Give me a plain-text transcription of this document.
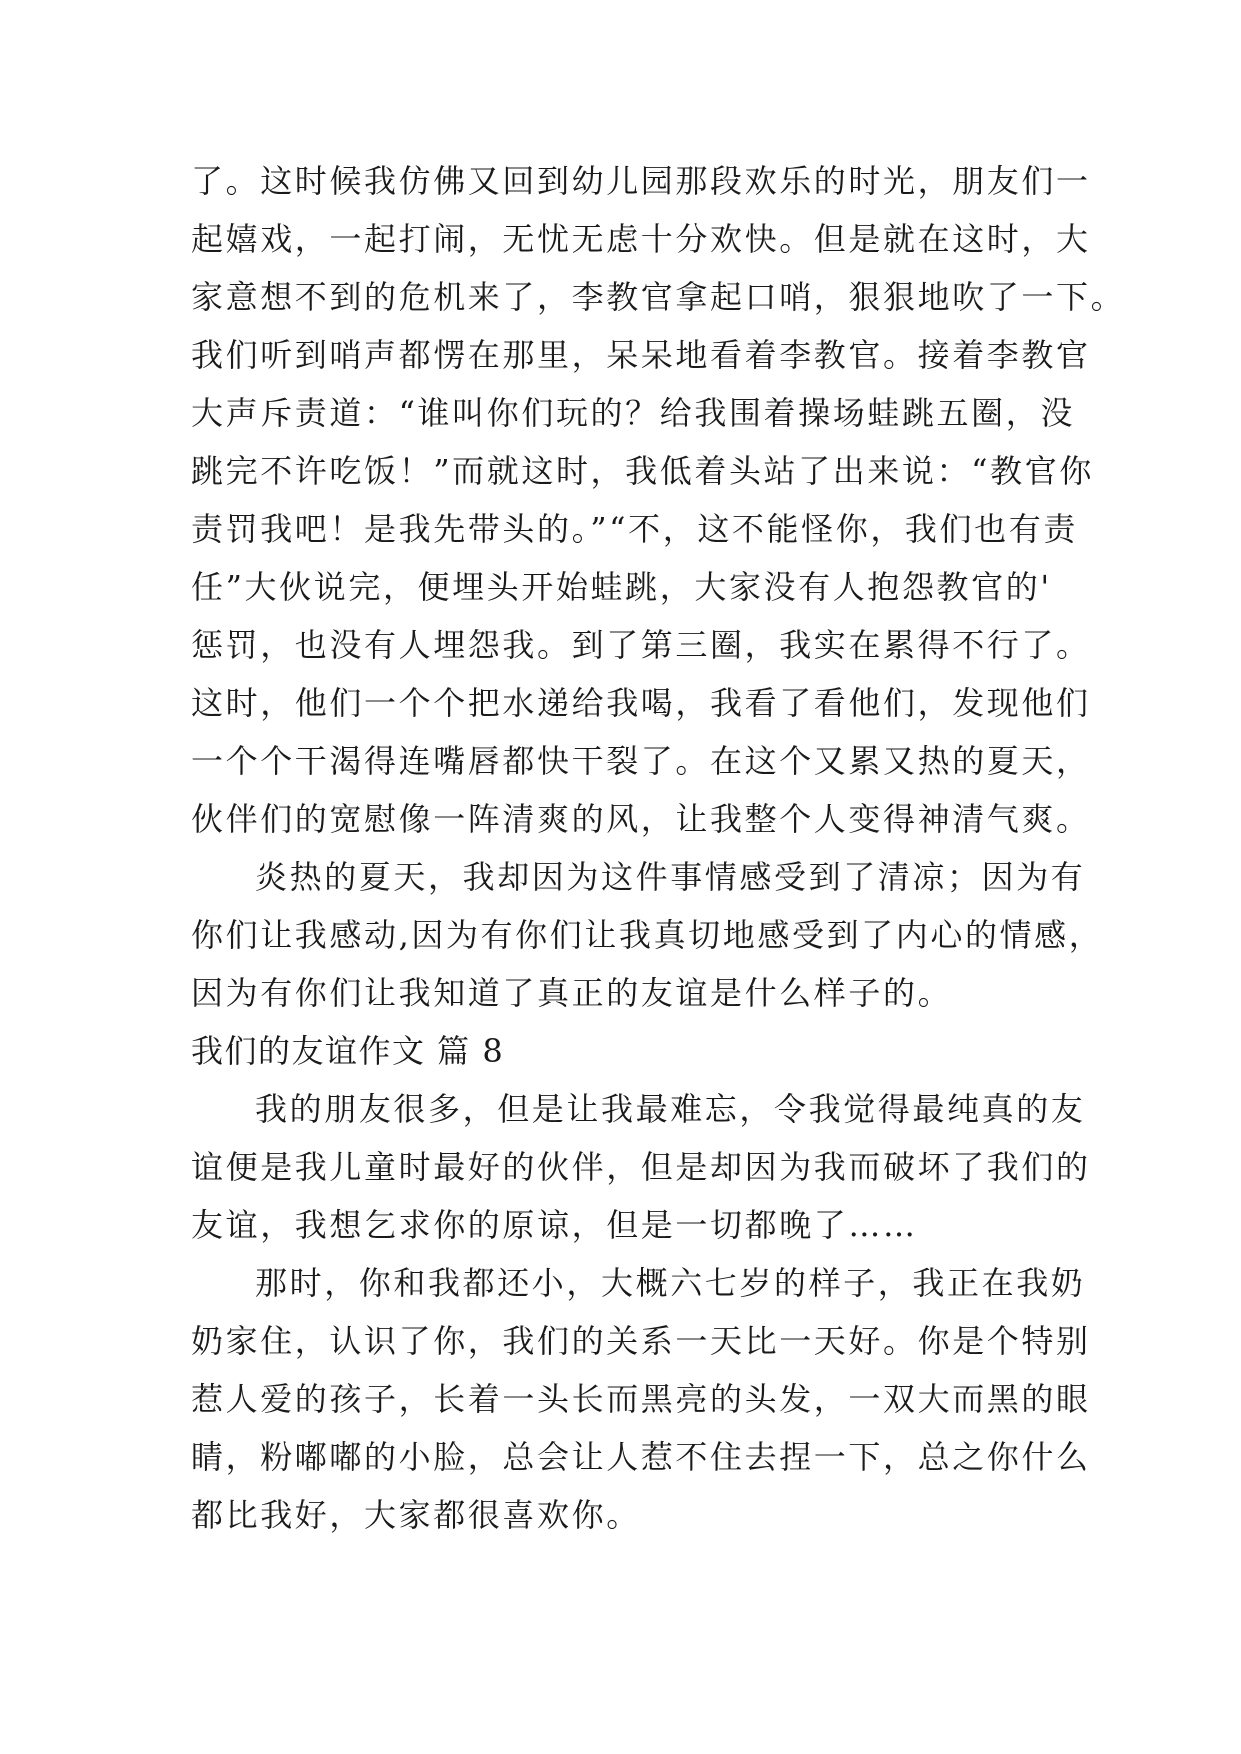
了。这时候我仿佛又回到幼儿园那段欢乐的时光，朋友们一
起嬉戏，一起打闹，无忧无虑十分欢快。但是就在这时，大
家意想不到的危机来了，李教官拿起口哨，狠狠地吹了一下。
我们听到哨声都愣在那里，呆呆地看着李教官。接着李教官
大声斥责道：“谁叫你们玩的？给我围着操场蛙跳五圈，没
跳完不许吃饭！”而就这时，我低着头站了出来说：“教官你
责罚我吧！是我先带头的。”“不，这不能怪你，我们也有责
任”大伙说完，便埋头开始蛙跳，大家没有人抱怨教官的'
惩罚，也没有人埋怨我。到了第三圈，我实在累得不行了。
这时，他们一个个把水递给我喝，我看了看他们，发现他们
一个个干渴得连嘴唇都快干裂了。在这个又累又热的夏天，
伙伴们的宽慰像一阵清爽的风，让我整个人变得神清气爽。
炎热的夏天，我却因为这件事情感受到了清凉；因为有
你们让我感动,因为有你们让我真切地感受到了内心的情感，
因为有你们让我知道了真正的友谊是什么样子的。
我们的友谊作文 篇 8
我的朋友很多，但是让我最难忘，令我觉得最纯真的友
谊便是我儿童时最好的伙伴，但是却因为我而破坏了我们的
友谊，我想乞求你的原谅，但是一切都晚了……
那时，你和我都还小，大概六七岁的样子，我正在我奶
奶家住，认识了你，我们的关系一天比一天好。你是个特别
惹人爱的孩子，长着一头长而黑亮的头发，一双大而黑的眼
睛，粉嘟嘟的小脸，总会让人惹不住去捏一下，总之你什么
都比我好，大家都很喜欢你。
